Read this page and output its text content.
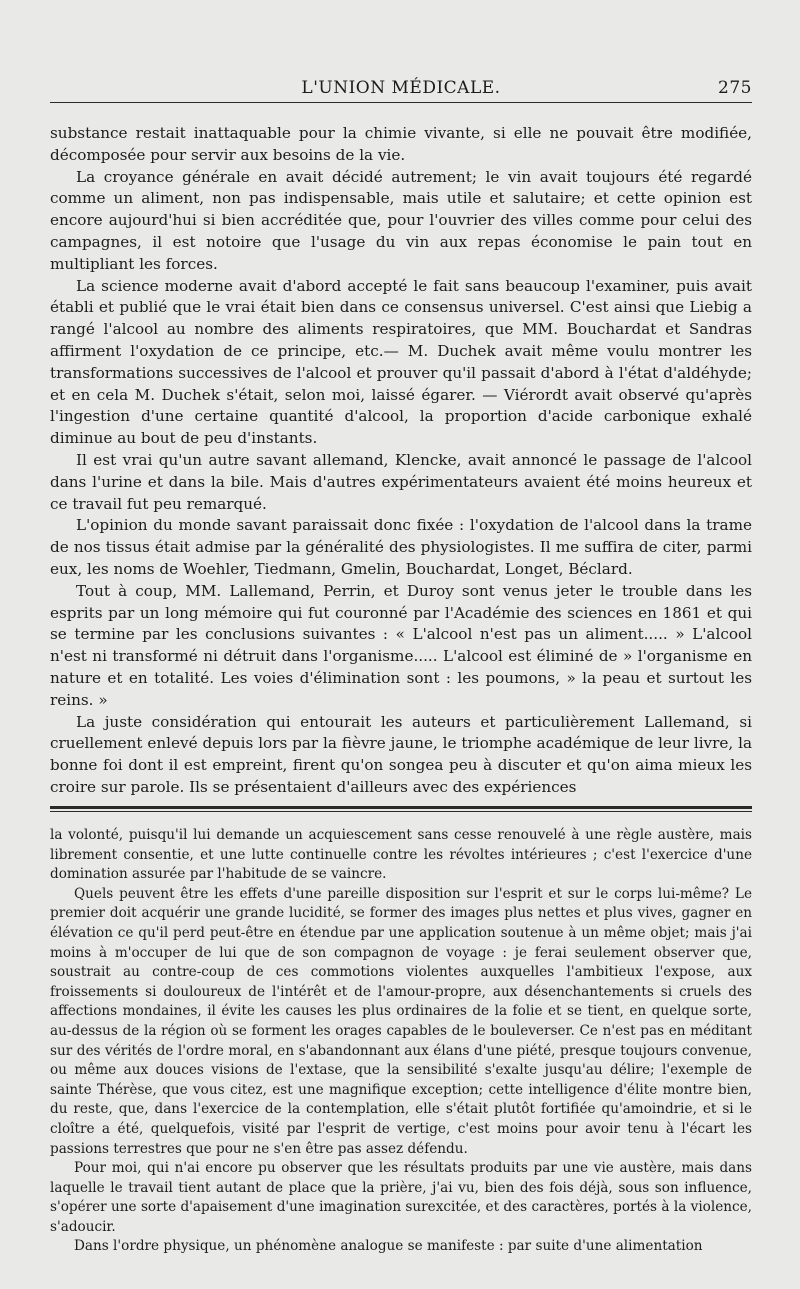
L'UNION MÉDICALE.	275

substance restait inattaquable pour la chimie vivante, si elle ne pouvait être modifiée, décomposée pour servir aux besoins de la vie.

La croyance générale en avait décidé autrement; le vin avait toujours été regardé comme un aliment, non pas indispensable, mais utile et salutaire; et cette opinion est encore aujourd'hui si bien accréditée que, pour l'ouvrier des villes comme pour celui des campagnes, il est notoire que l'usage du vin aux repas économise le pain tout en multipliant les forces.

La science moderne avait d'abord accepté le fait sans beaucoup l'examiner, puis avait établi et publié que le vrai était bien dans ce consensus universel. C'est ainsi que Liebig a rangé l'alcool au nombre des aliments respiratoires, que MM. Bouchardat et Sandras affirment l'oxydation de ce principe, etc.— M. Duchek avait même voulu montrer les transformations successives de l'alcool et prouver qu'il passait d'abord à l'état d'aldéhyde; et en cela M. Duchek s'était, selon moi, laissé égarer. — Viérordt avait observé qu'après l'ingestion d'une certaine quantité d'alcool, la proportion d'acide carbonique exhalé diminue au bout de peu d'instants.

Il est vrai qu'un autre savant allemand, Klencke, avait annoncé le passage de l'alcool dans l'urine et dans la bile. Mais d'autres expérimentateurs avaient été moins heureux et ce travail fut peu remarqué.

L'opinion du monde savant paraissait donc fixée : l'oxydation de l'alcool dans la trame de nos tissus était admise par la généralité des physiologistes. Il me suffira de citer, parmi eux, les noms de Woehler, Tiedmann, Gmelin, Bouchardat, Longet, Béclard.

Tout à coup, MM. Lallemand, Perrin, et Duroy sont venus jeter le trouble dans les esprits par un long mémoire qui fut couronné par l'Académie des sciences en 1861 et qui se termine par les conclusions suivantes : « L'alcool n'est pas un aliment..... » L'alcool n'est ni transformé ni détruit dans l'organisme..... L'alcool est éliminé de » l'organisme en nature et en totalité. Les voies d'élimination sont : les poumons, » la peau et surtout les reins. »

La juste considération qui entourait les auteurs et particulièrement Lallemand, si cruellement enlevé depuis lors par la fièvre jaune, le triomphe académique de leur livre, la bonne foi dont il est empreint, firent qu'on songea peu à discuter et qu'on aima mieux les croire sur parole. Ils se présentaient d'ailleurs avec des expériences

la volonté, puisqu'il lui demande un acquiescement sans cesse renouvelé à une règle austère, mais librement consentie, et une lutte continuelle contre les révoltes intérieures ; c'est l'exercice d'une domination assurée par l'habitude de se vaincre.

Quels peuvent être les effets d'une pareille disposition sur l'esprit et sur le corps lui-même? Le premier doit acquérir une grande lucidité, se former des images plus nettes et plus vives, gagner en élévation ce qu'il perd peut-être en étendue par une application soutenue à un même objet; mais j'ai moins à m'occuper de lui que de son compagnon de voyage : je ferai seulement observer que, soustrait au contre-coup de ces commotions violentes auxquelles l'ambitieux l'expose, aux froissements si douloureux de l'intérêt et de l'amour-propre, aux désenchantements si cruels des affections mondaines, il évite les causes les plus ordinaires de la folie et se tient, en quelque sorte, au-dessus de la région où se forment les orages capables de le bouleverser. Ce n'est pas en méditant sur des vérités de l'ordre moral, en s'abandonnant aux élans d'une piété, presque toujours convenue, ou même aux douces visions de l'extase, que la sensibilité s'exalte jusqu'au délire; l'exemple de sainte Thérèse, que vous citez, est une magnifique exception; cette intelligence d'élite montre bien, du reste, que, dans l'exercice de la contemplation, elle s'était plutôt fortifiée qu'amoindrie, et si le cloître a été, quelquefois, visité par l'esprit de vertige, c'est moins pour avoir tenu à l'écart les passions terrestres que pour ne s'en être pas assez défendu.

Pour moi, qui n'ai encore pu observer que les résultats produits par une vie austère, mais dans laquelle le travail tient autant de place que la prière, j'ai vu, bien des fois déjà, sous son influence, s'opérer une sorte d'apaisement d'une imagination surexcitée, et des caractères, portés à la violence, s'adoucir.

Dans l'ordre physique, un phénomène analogue se manifeste : par suite d'une alimentation
